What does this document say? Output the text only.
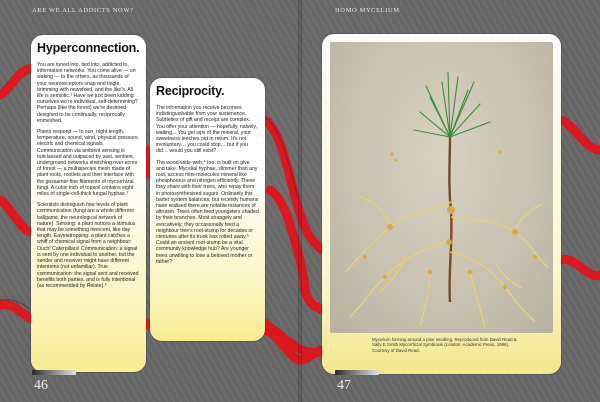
ARE WE ALL ADDICTS NOW?	HOMO MYCELIUM
Hyperconnection.

You are tuned into, tied into, addicted to, information networks. You come alive — on waking — to the others, as thousands of your neuroreceptors snap and tingle, brimming with newsfeed, and the like's. All life is semiotic.¹ Have we just been kidding ourselves we're individual, self-determining? Perhaps (like the forest) we're destined-designed to be continually, reciprocally enmeshed.

Plants respond — to sun, night length, temperature, sound, wind, physical pressure, electric and chemical signals. Communication via ambient sensing is outclassed and outpaced by vast, sentient, underground networks stretching over acres of forest — a multispecies mesh made of plant roots, rootlets and their interface with the gossamer-fine filaments of mycorrhizal fungi. A cubic inch of topsoil contains eight miles of single-cell-thick fungal hyphae.²

Scientists distinguish four levels of plant communication (fungi are a whole different ballgame, the neurological network of nature). Sensing: a plant notices a stimulus that may be something innocent, like day length. Eavesdropping: a plant catches a whiff of chemical signal from a neighbour: Ouch! Caterpillars! Communication: a signal is sent by one individual to another, but the sender and receiver might have different intentions (not unfamiliar). True communication: the signal sent and received benefits both parties, and is fully intentional (as recommended by Relate).³

Reciprocity.

The information you receive becomes indistinguishable from your sustenance. Subtleties of gift and receipt are complex. You offer your attention — hopefully, naively, waiting... You get sips of the mineral, your sweetness leeches out in return. It's not involuntary… you could stop… but if you did… would you still exist?

The wood-wide-web,⁴ too, is built on give and take. Mycelial hyphae, slimmer than any root, access mini-molecules mineral like phosphorous and nitrogen efficiently. These they share with their trees, who repay them in photosynthesised sugars. Ordinarily this barter system balances, but recently humans have realised there are notable instances of altruism. Trees often feed youngsters shaded by their branches. Most strangely and evocatively; they occasionally feed a neighbour tree's root-stump for decades or centuries after its trunk has rotted away.⁵ Could an ancient root-stump be a vital community knowledge hub? Are younger trees unwilling to lose a beloved mother or father?

Mycelium forming around a pine seedling. Reproduced from David Read & Sally E Smith Mycorrhizal Symbiosis (London: Academic Press, 1996). Courtesy of David Read.
46	47
